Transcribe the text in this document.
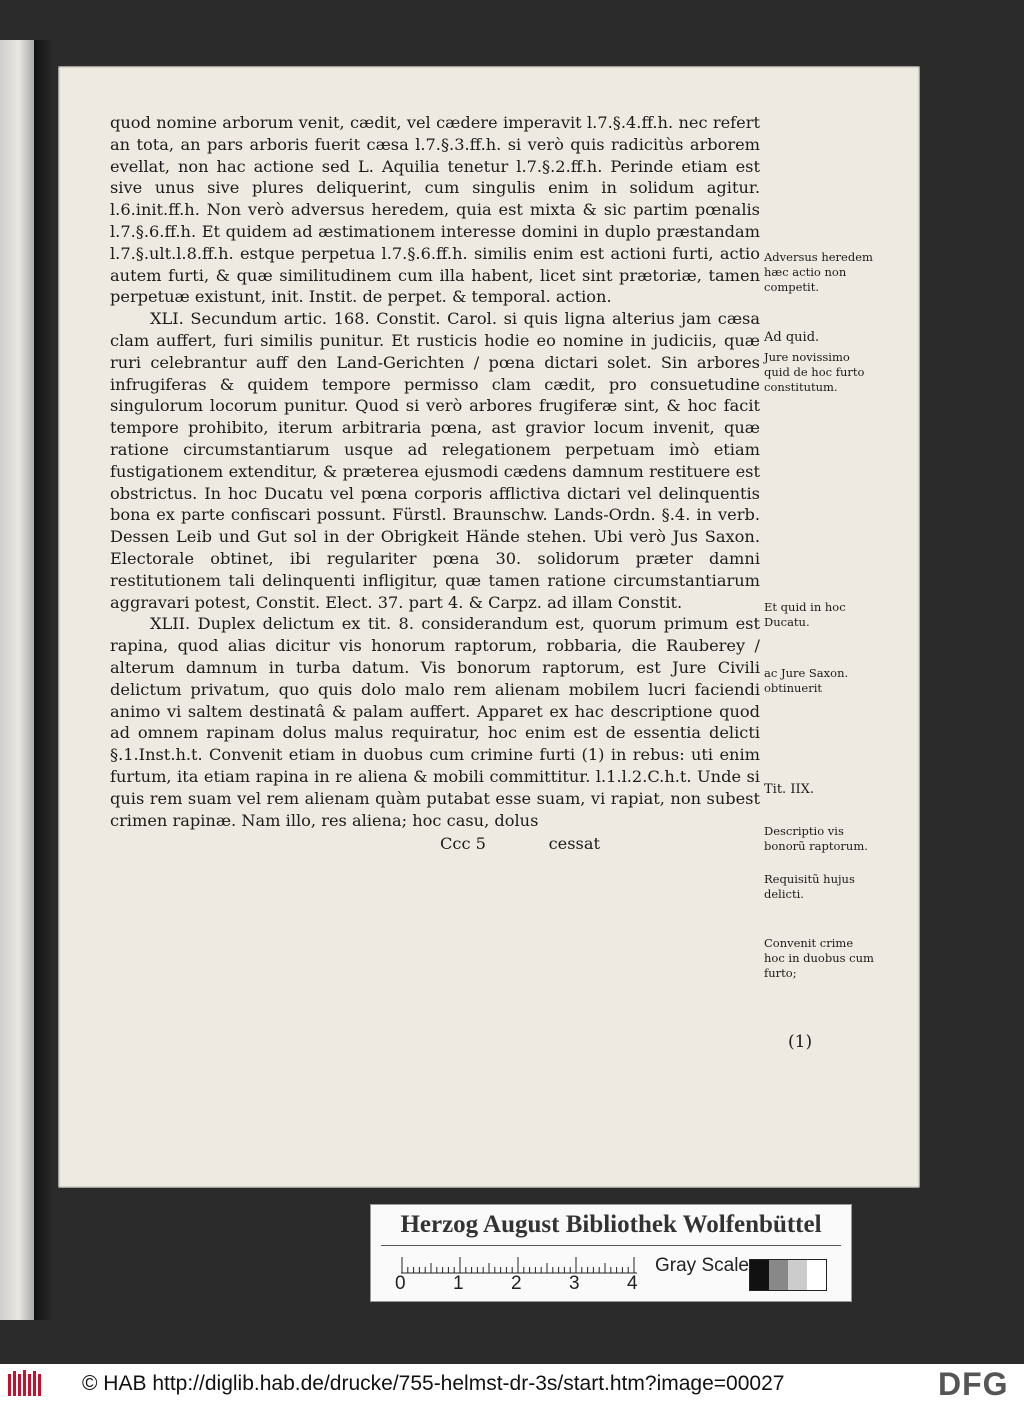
quod nomine arborum venit, cædit, vel cædere imperavit l.7.§.4.ff.h. nec refert an tota, an pars arboris fuerit cæsa l.7.§.3.ff.h. si verò quis radicitùs arborem evellat, non hac actione sed L. Aquilia tenetur l.7.§.2.ff.h. Perinde etiam est sive unus sive plures deliquerint, cum singulis enim in solidum agitur. l.6.init.ff.h. Non verò adversus heredem, quia est mixta & sic partim pœnalis l.7.§.6.ff.h. Et quidem ad æstimationem interesse domini in duplo præstandam l.7.§.ult.l.8.ff.h. estque perpetua l.7.§.6.ff.h. similis enim est actioni furti, actio autem furti, & quæ similitudinem cum illa habent, licet sint prætoriæ, tamen perpetuæ existunt, init. Instit. de perpet. & temporal. action.

XLI. Secundum artic. 168. Constit. Carol. si quis ligna alterius jam cæsa clam auffert, furi similis punitur. Et rusticis hodie eo nomine in judiciis, quæ ruri celebrantur auff den Land-Gerichten / pœna dictari solet. Sin arbores infrugiferas & quidem tempore permisso clam cædit, pro consuetudine singulorum locorum punitur. Quod si verò arbores frugiferæ sint, & hoc facit tempore prohibito, iterum arbitraria pœna, ast gravior locum invenit, quæ ratione circumstantiarum usque ad relegationem perpetuam imò etiam fustigationem extenditur, & præterea ejusmodi cædens damnum restituere est obstrictus. In hoc Ducatu vel pœna corporis afflictiva dictari vel delinquentis bona ex parte confiscari possunt. Fürstl. Braunschw. Lands-Ordn. §.4. in verb. Dessen Leib und Gut sol in der Obrigkeit Hände stehen. Ubi verò Jus Saxon. Electorale obtinet, ibi regulariter pœna 30. solidorum præter damni restitutionem tali delinquenti infligitur, quæ tamen ratione circumstantiarum aggravari potest, Constit. Elect. 37. part 4. & Carpz. ad illam Constit.

XLII. Duplex delictum ex tit. 8. considerandum est, quorum primum est rapina, quod alias dicitur vis honorum raptorum, robbaria, die Rauberey / alterum damnum in turba datum. Vis bonorum raptorum, est Jure Civili delictum privatum, quo quis dolo malo rem alienam mobilem lucri faciendi animo vi saltem destinatâ & palam auffert. Apparet ex hac descriptione quod ad omnem rapinam dolus malus requiratur, hoc enim est de essentia delicti §.1.Inst.h.t. Convenit etiam in duobus cum crimine furti (1) in rebus: uti enim furtum, ita etiam rapina in re aliena & mobili committitur. l.1.l.2.C.h.t. Unde si quis rem suam vel rem alienam quàm putabat esse suam, vi rapiat, non subest crimen rapinæ. Nam illo, res aliena; hoc casu, dolus

Ccc 5	cessat
Adversus heredem hæc actio non competit.
Ad quid.
Jure novissimo quid de hoc furto constitutum.
Et quid in hoc Ducatu.
ac Jure Saxon. obtinuerit
Tit. IIX.
Descriptio vis bonorũ raptorum.
Requisitũ hujus delicti.
Convenit crime hoc in duobus cum furto;
(1)
Herzog August Bibliothek Wolfenbüttel
0 1 2 3 4
Gray Scale
© HAB http://diglib.hab.de/drucke/755-helmst-dr-3s/start.htm?image=00027	DFG
